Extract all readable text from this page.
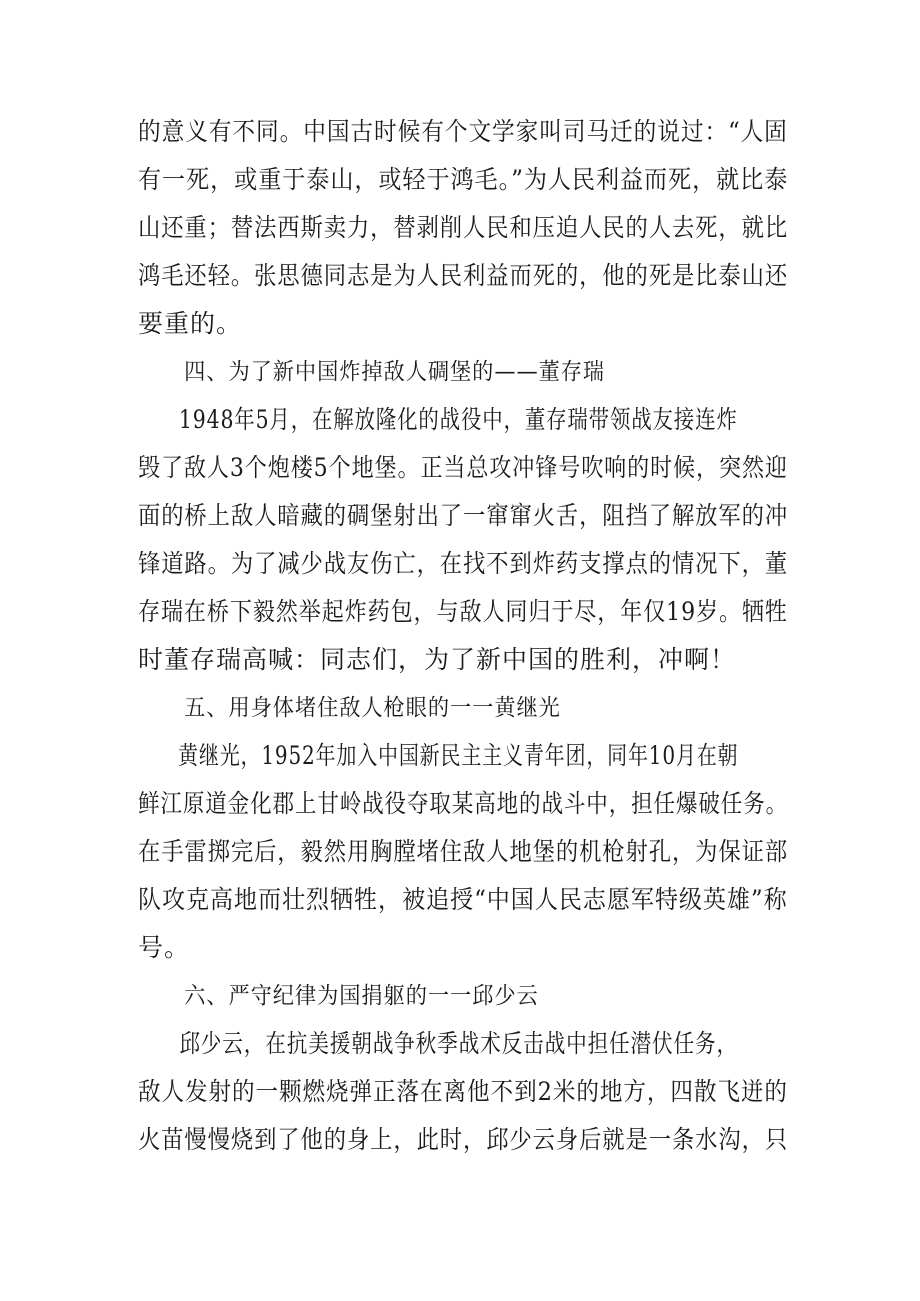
的意义有不同。中国古时候有个文学家叫司马迁的说过：“人固
有一死，或重于泰山，或轻于鸿毛。”为人民利益而死，就比泰
山还重；替法西斯卖力，替剥削人民和压迫人民的人去死，就比
鸿毛还轻。张思德同志是为人民利益而死的，他的死是比泰山还
要重的。

四、为了新中国炸掉敌人碉堡的——董存瑞

1948年5月，在解放隆化的战役中，董存瑞带领战友接连炸

毁了敌人3个炮楼5个地堡。正当总攻冲锋号吹响的时候，突然迎
面的桥上敌人暗藏的碉堡射出了一窜窜火舌，阻挡了解放军的冲
锋道路。为了减少战友伤亡，在找不到炸药支撑点的情况下，董
存瑞在桥下毅然举起炸药包，与敌人同归于尽，年仅19岁。牺牲
时董存瑞高喊：同志们，为了新中国的胜利，冲啊！

五、用身体堵住敌人枪眼的一一黄继光

黄继光，1952年加入中国新民主主义青年团，同年10月在朝

鲜江原道金化郡上甘岭战役夺取某高地的战斗中，担任爆破任务。
在手雷掷完后，毅然用胸膛堵住敌人地堡的机枪射孔，为保证部
队攻克高地而壮烈牺牲，被追授“中国人民志愿军特级英雄”称
号。

六、严守纪律为国捐躯的一一邱少云

邱少云，在抗美援朝战争秋季战术反击战中担任潜伏任务，

敌人发射的一颗燃烧弹正落在离他不到2米的地方，四散飞迸的
火苗慢慢烧到了他的身上，此时，邱少云身后就是一条水沟，只
